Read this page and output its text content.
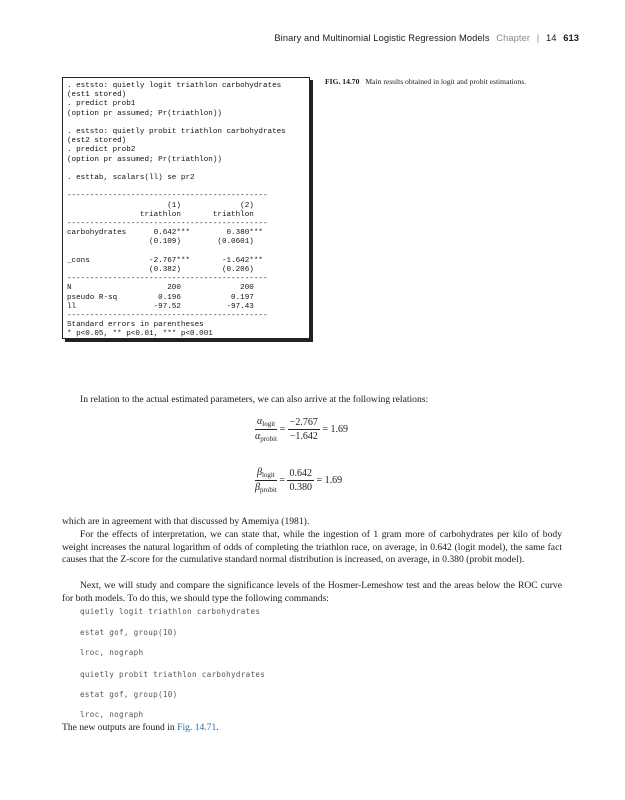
Binary and Multinomial Logistic Regression Models Chapter | 14 613
. eststo: quietly logit triathlon carbohydrates
(est1 stored)
. predict prob1
(option pr assumed; Pr(triathlon))

. eststo: quietly probit triathlon carbohydrates
(est2 stored)
. predict prob2
(option pr assumed; Pr(triathlon))

. esttab, scalars(ll) se pr2

--------------------------------------------
(1)             (2)
triathlon       triathlon
--------------------------------------------
carbohydrates      0.642***        0.380***
(0.109)        (0.0601)

_cons             -2.767***       -1.642***
(0.382)         (0.206)
--------------------------------------------
N                     200             200
pseudo R-sq         0.196           0.197
ll                 -97.52          -97.43
--------------------------------------------
Standard errors in parentheses
* p<0.05, ** p<0.01, *** p<0.001
FIG. 14.70 Main results obtained in logit and probit estimations.
In relation to the actual estimated parameters, we can also arrive at the following relations:
$\frac{\alpha_{logit}}{\alpha_{probit}} = \frac{-2.767}{-1.642} = 1.69$
$\frac{\beta_{logit}}{\beta_{probit}} = \frac{0.642}{0.380} = 1.69$
which are in agreement with that discussed by Amemiya (1981).
For the effects of interpretation, we can state that, while the ingestion of 1 gram more of carbohydrates per kilo of body weight increases the natural logarithm of odds of completing the triathlon race, on average, in 0.642 (logit model), the same fact causes that the Z-score for the cumulative standard normal distribution is increased, on average, in 0.380 (probit model).
Next, we will study and compare the significance levels of the Hosmer-Lemeshow test and the areas below the ROC curve for both models. To do this, we should type the following commands:
quietly logit triathlon carbohydrates
estat gof, group(10)
lroc, nograph
quietly probit triathlon carbohydrates
estat gof, group(10)
lroc, nograph
The new outputs are found in Fig. 14.71.
